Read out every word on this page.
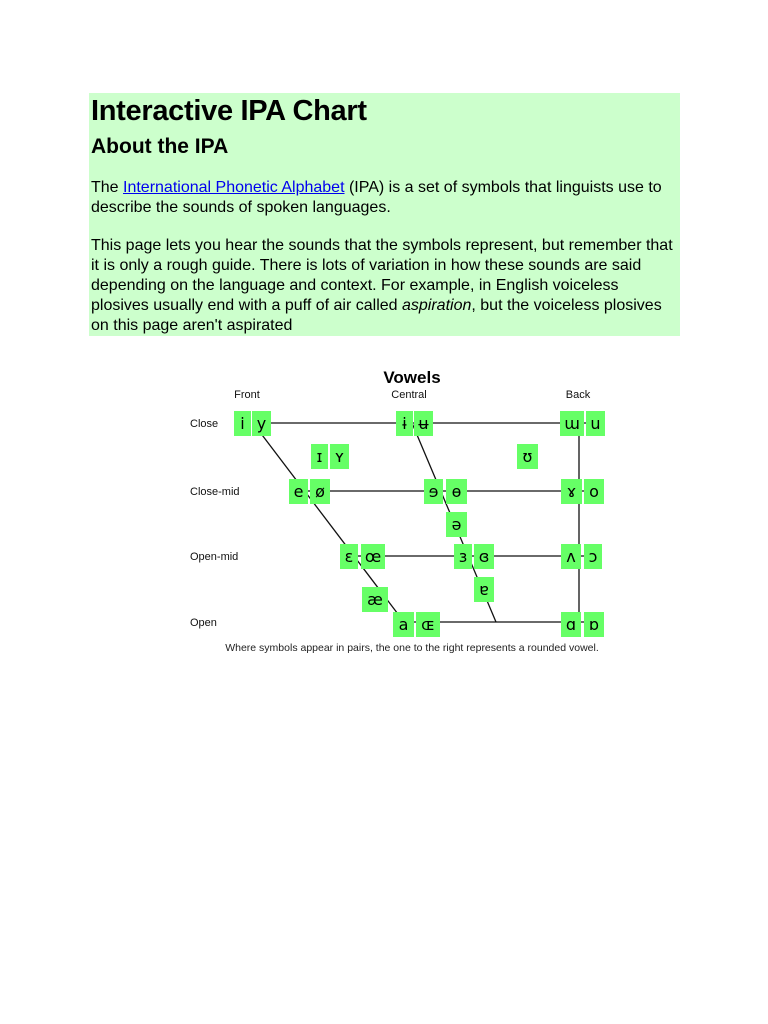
Interactive IPA Chart
About the IPA

The International Phonetic Alphabet (IPA) is a set of symbols that linguists use to describe the sounds of spoken languages.

This page lets you hear the sounds that the symbols represent, but remember that it is only a rough guide. There is lots of variation in how these sounds are said depending on the language and context. For example, in English voiceless plosives usually end with a puff of air called aspiration, but the voiceless plosives on this page aren't aspirated

Vowels
Front	Central	Back
Close
Close-mid
Open-mid
Open
i y	ɨ ʉ	ɯ u
ɪ ʏ	ʊ
e ø	ɘ ɵ	ɤ o
ə
ɛ œ	ɜ ɞ	ʌ ɔ
æ
ɐ
a ɶ	ɑ ɒ
Where symbols appear in pairs, the one to the right represents a rounded vowel.
